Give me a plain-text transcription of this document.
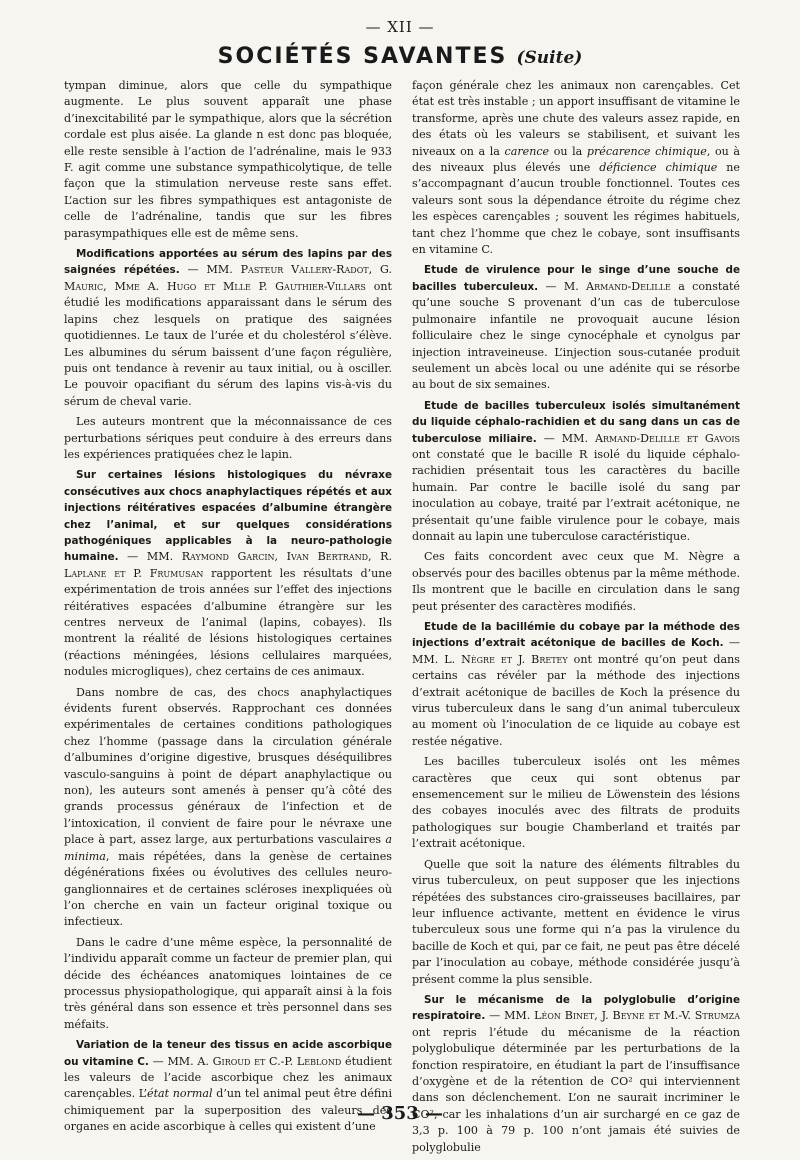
— XII —
SOCIÉTÉS SAVANTES (Suite)

tympan diminue, alors que celle du sympathique augmente. Le plus souvent apparaît une phase d’inexcitabilité par le sympathique, alors que la sécrétion cordale est plus aisée. La glande n est donc pas bloquée, elle reste sensible à l’action de l’adrénaline, mais le 933 F. agit comme une substance sympathicolytique, de telle façon que la stimulation nerveuse reste sans effet. L’action sur les fibres sympathiques est antagoniste de celle de l’adrénaline, tandis que sur les fibres parasympathiques elle est de même sens.

Modifications apportées au sérum des lapins par des saignées répétées. — MM. Pasteur Vallery-Radot, G. Mauric, Mme A. Hugo et Mlle P. Gauthier-Villars ont étudié les modifications apparaissant dans le sérum des lapins chez lesquels on pratique des saignées quotidiennes. Le taux de l’urée et du cholestérol s’élève. Les albumines du sérum baissent d’une façon régulière, puis ont tendance à revenir au taux initial, ou à osciller. Le pouvoir opacifiant du sérum des lapins vis-à-vis du sérum de cheval varie.

Les auteurs montrent que la méconnaissance de ces perturbations sériques peut conduire à des erreurs dans les expériences pratiquées chez le lapin.

Sur certaines lésions histologiques du névraxe consécutives aux chocs anaphylactiques répétés et aux injections réitératives espacées d’albumine étrangère chez l’animal, et sur quelques considérations pathogéniques applicables à la neuro-pathologie humaine. — MM. Raymond Garcin, Ivan Bertrand, R. Laplane et P. Frumusan rapportent les résultats d’une expérimentation de trois années sur l’effet des injections réitératives espacées d’albumine étrangère sur les centres nerveux de l’animal (lapins, cobayes). Ils montrent la réalité de lésions histologiques certaines (réactions méningées, lésions cellulaires marquées, nodules microgliques), chez certains de ces animaux.

Dans nombre de cas, des chocs anaphylactiques évidents furent observés. Rapprochant ces données expérimentales de certaines conditions pathologiques chez l’homme (passage dans la circulation générale d’albumines d’origine digestive, brusques déséquilibres vasculo-sanguins à point de départ anaphylactique ou non), les auteurs sont amenés à penser qu’à côté des grands processus généraux de l’infection et de l’intoxication, il convient de faire pour le névraxe une place à part, assez large, aux perturbations vasculaires a minima, mais répétées, dans la genèse de certaines dégénérations fixées ou évolutives des cellules neuro-ganglionnaires et de certaines scléroses inexpliquées où l’on cherche en vain un facteur original toxique ou infectieux.

Dans le cadre d’une même espèce, la personnalité de l’individu apparaît comme un facteur de premier plan, qui décide des échéances anatomiques lointaines de ce processus physiopathologique, qui apparaît ainsi à la fois très général dans son essence et très personnel dans ses méfaits.

Variation de la teneur des tissus en acide ascorbique ou vitamine C. — MM. A. Giroud et C.-P. Leblond étudient les valeurs de l’acide ascorbique chez les animaux carençables. L’état normal d’un tel animal peut être défini chimiquement par la superposition des valeurs des organes en acide ascorbique à celles qui existent d’une

façon générale chez les animaux non carençables. Cet état est très instable ; un apport insuffisant de vitamine le transforme, après une chute des valeurs assez rapide, en des états où les valeurs se stabilisent, et suivant les niveaux on a la carence ou la précarence chimique, ou à des niveaux plus élevés une déficience chimique ne s’accompagnant d’aucun trouble fonctionnel. Toutes ces valeurs sont sous la dépendance étroite du régime chez les espèces carençables ; souvent les régimes habituels, tant chez l’homme que chez le cobaye, sont insuffisants en vitamine C.

Etude de virulence pour le singe d’une souche de bacilles tuberculeux. — M. Armand-Delille a constaté qu’une souche S provenant d’un cas de tuberculose pulmonaire infantile ne provoquait aucune lésion folliculaire chez le singe cynocéphale et cynolgus par injection intraveineuse. L’injection sous-cutanée produit seulement un abcès local ou une adénite qui se résorbe au bout de six semaines.

Etude de bacilles tuberculeux isolés simultanément du liquide céphalo-rachidien et du sang dans un cas de tuberculose miliaire. — MM. Armand-Delille et Gavois ont constaté que le bacille R isolé du liquide céphalo-rachidien présentait tous les caractères du bacille humain. Par contre le bacille isolé du sang par inoculation au cobaye, traité par l’extrait acétonique, ne présentait qu’une faible virulence pour le cobaye, mais donnait au lapin une tuberculose caractéristique.

Ces faits concordent avec ceux que M. Nègre a observés pour des bacilles obtenus par la même méthode. Ils montrent que le bacille en circulation dans le sang peut présenter des caractères modifiés.

Etude de la bacillémie du cobaye par la méthode des injections d’extrait acétonique de bacilles de Koch. — MM. L. Nègre et J. Bretey ont montré qu’on peut dans certains cas révéler par la méthode des injections d’extrait acétonique de bacilles de Koch la présence du virus tuberculeux dans le sang d’un animal tuberculeux au moment où l’inoculation de ce liquide au cobaye est restée négative.

Les bacilles tuberculeux isolés ont les mêmes caractères que ceux qui sont obtenus par ensemencement sur le milieu de Löwenstein des lésions des cobayes inoculés avec des filtrats de produits pathologiques sur bougie Chamberland et traités par l’extrait acétonique.

Quelle que soit la nature des éléments filtrables du virus tuberculeux, on peut supposer que les injections répétées des substances ciro-graisseuses bacillaires, par leur influence activante, mettent en évidence le virus tuberculeux sous une forme qui n’a pas la virulence du bacille de Koch et qui, par ce fait, ne peut pas être décelé par l’inoculation au cobaye, méthode considérée jusqu’à présent comme la plus sensible.

Sur le mécanisme de la polyglobulie d’origine respiratoire. — MM. Léon Binet, J. Beyne et M.-V. Strumza ont repris l’étude du mécanisme de la réaction polyglobulique déterminée par les perturbations de la fonction respiratoire, en étudiant la part de l’insuffisance d’oxygène et de la rétention de CO² qui interviennent dans son déclenchement. L’on ne saurait incriminer le CO², car les inhalations d’un air surchargé en ce gaz de 3,3 p. 100 à 79 p. 100 n’ont jamais été suivies de polyglobulie

— 353 —
